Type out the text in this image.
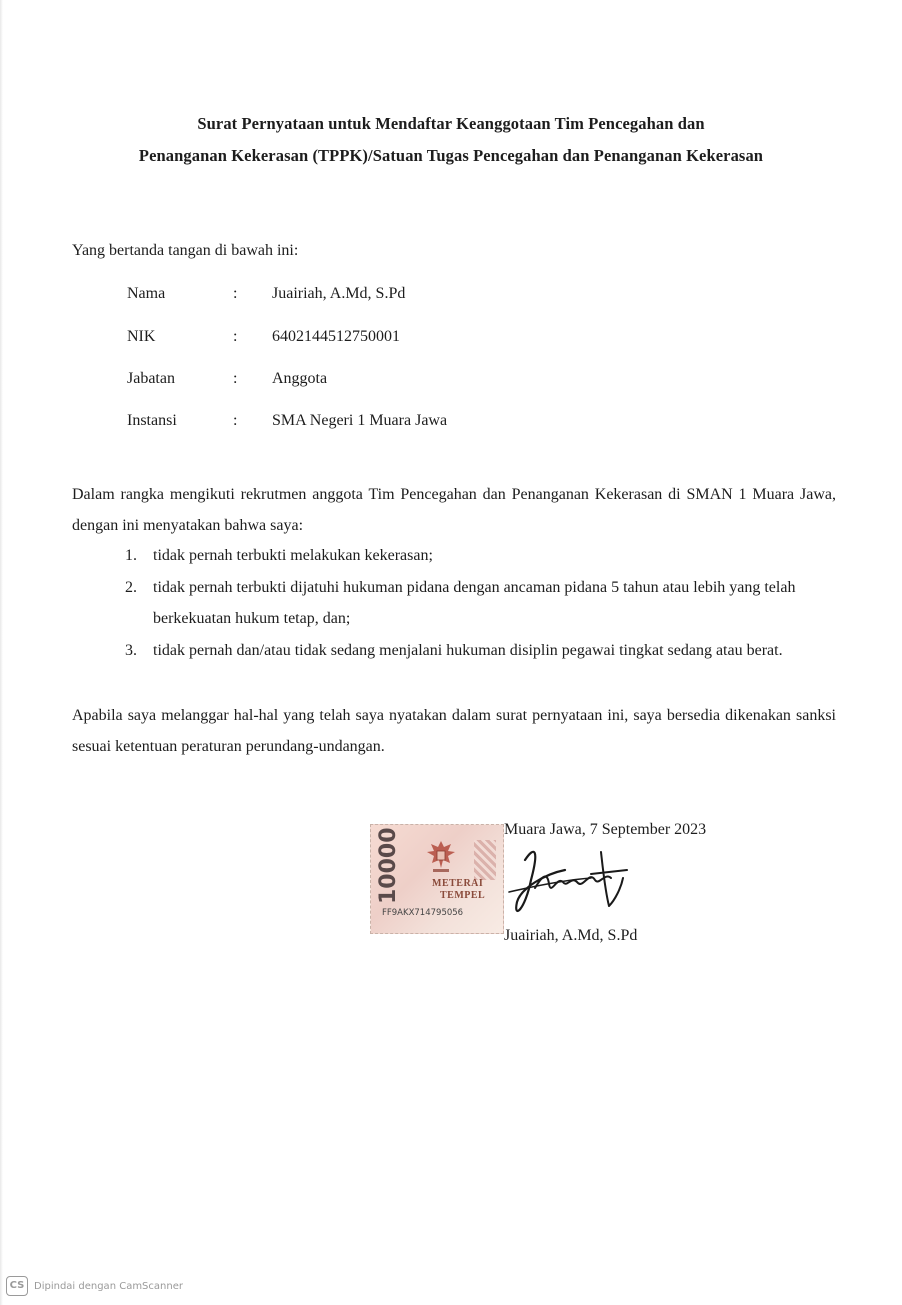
Surat Pernyataan untuk Mendaftar Keanggotaan Tim Pencegahan dan
Penanganan Kekerasan (TPPK)/Satuan Tugas Pencegahan dan Penanganan Kekerasan
Yang bertanda tangan di bawah ini:
Nama	: Juairiah, A.Md, S.Pd
NIK	: 6402144512750001
Jabatan	: Anggota
Instansi	: SMA Negeri 1 Muara Jawa
Dalam rangka mengikuti rekrutmen anggota Tim Pencegahan dan Penanganan Kekerasan di SMAN 1 Muara Jawa, dengan ini menyatakan bahwa saya:
1. tidak pernah terbukti melakukan kekerasan;
2. tidak pernah terbukti dijatuhi hukuman pidana dengan ancaman pidana 5 tahun atau lebih yang telah berkekuatan hukum tetap, dan;
3. tidak pernah dan/atau tidak sedang menjalani hukuman disiplin pegawai tingkat sedang atau berat.
Apabila saya melanggar hal-hal yang telah saya nyatakan dalam surat pernyataan ini, saya bersedia dikenakan sanksi sesuai ketentuan peraturan perundang-undangan.
Muara Jawa, 7 September 2023
10000	METERAI
TEMPEL
FF9AKX714795056
Juairiah, A.Md, S.Pd
CS Dipindai dengan CamScanner
